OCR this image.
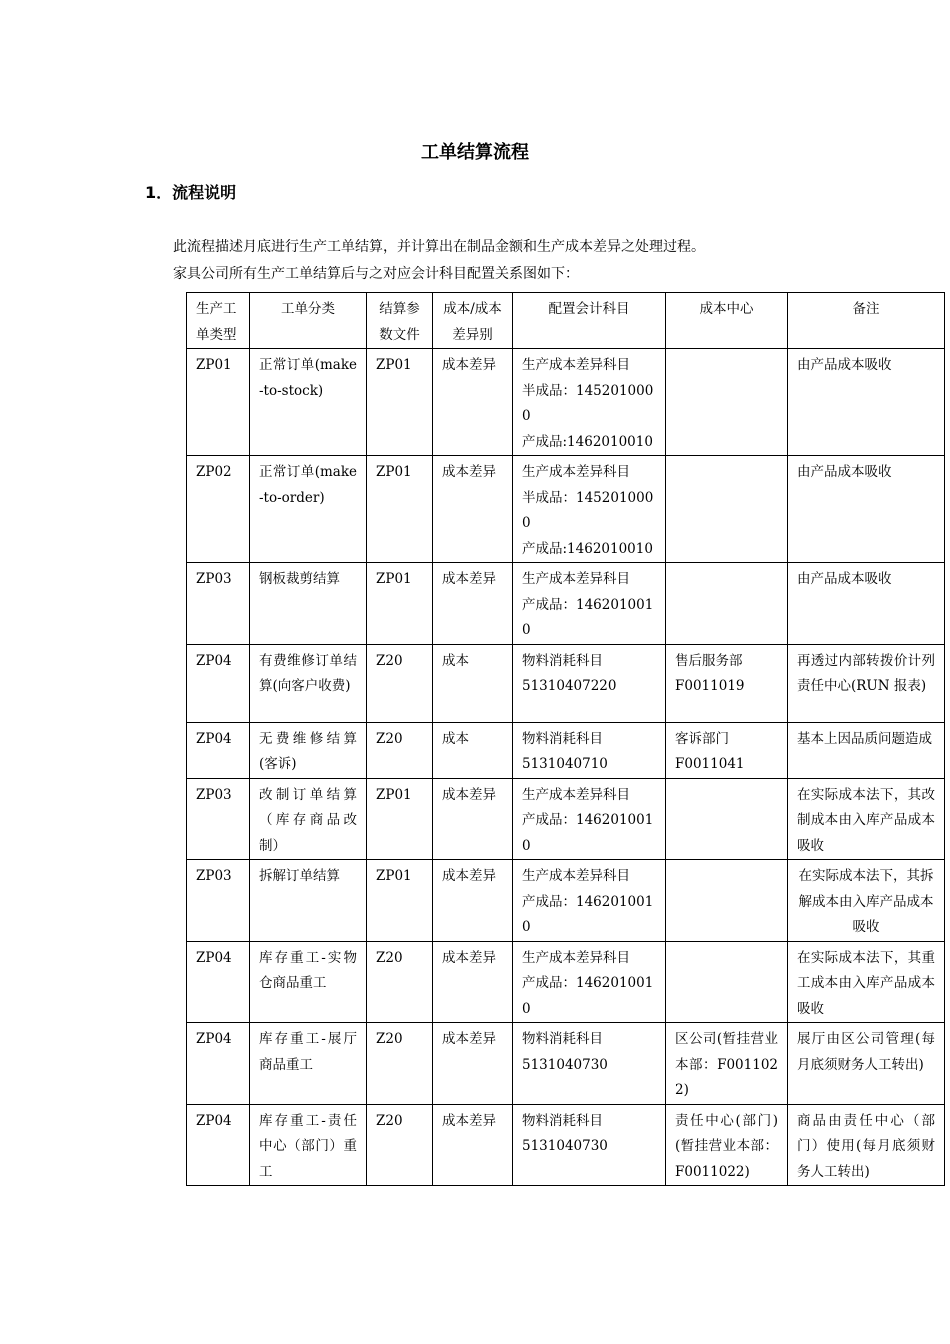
工单结算流程
1．流程说明
此流程描述月底进行生产工单结算，并计算出在制品金额和生产成本差异之处理过程。
家具公司所有生产工单结算后与之对应会计科目配置关系图如下：
生产工单类型	工单分类	结算参数文件	成本/成本差异别	配置会计科目	成本中心	备注
ZP01	正常订单(make-to-stock)	ZP01	成本差异	生产成本差异科目
半成品：1452010000
产成品:1462010010		由产品成本吸收
ZP02	正常订单(make-to-order)	ZP01	成本差异	生产成本差异科目
半成品：1452010000
产成品:1462010010		由产品成本吸收
ZP03	钢板裁剪结算	ZP01	成本差异	生产成本差异科目
产成品：1462010010		由产品成本吸收
ZP04	有费维修订单结算(向客户收费)	Z20	成本	物料消耗科目
51310407220	售后服务部
F0011019	再透过内部转拨价计列责任中心(RUN 报表)
ZP04	无费维修结算(客诉)	Z20	成本	物料消耗科目
5131040710	客诉部门
F0011041	基本上因品质问题造成
ZP03	改制订单结算（库存商品改制）	ZP01	成本差异	生产成本差异科目
产成品：1462010010		在实际成本法下，其改制成本由入库产品成本吸收
ZP03	拆解订单结算	ZP01	成本差异	生产成本差异科目
产成品：1462010010		在实际成本法下，其拆解成本由入库产品成本吸收
ZP04	库存重工-实物仓商品重工	Z20	成本差异	生产成本差异科目
产成品：1462010010		在实际成本法下，其重工成本由入库产品成本吸收
ZP04	库存重工-展厅商品重工	Z20	成本差异	物料消耗科目
5131040730	区公司(暂挂营业本部：F0011022)	展厅由区公司管理(每月底须财务人工转出)
ZP04	库存重工-责任中心（部门）重工	Z20	成本差异	物料消耗科目
5131040730	责任中心(部门)(暂挂营业本部：F0011022)	商品由责任中心（部门）使用(每月底须财务人工转出)
